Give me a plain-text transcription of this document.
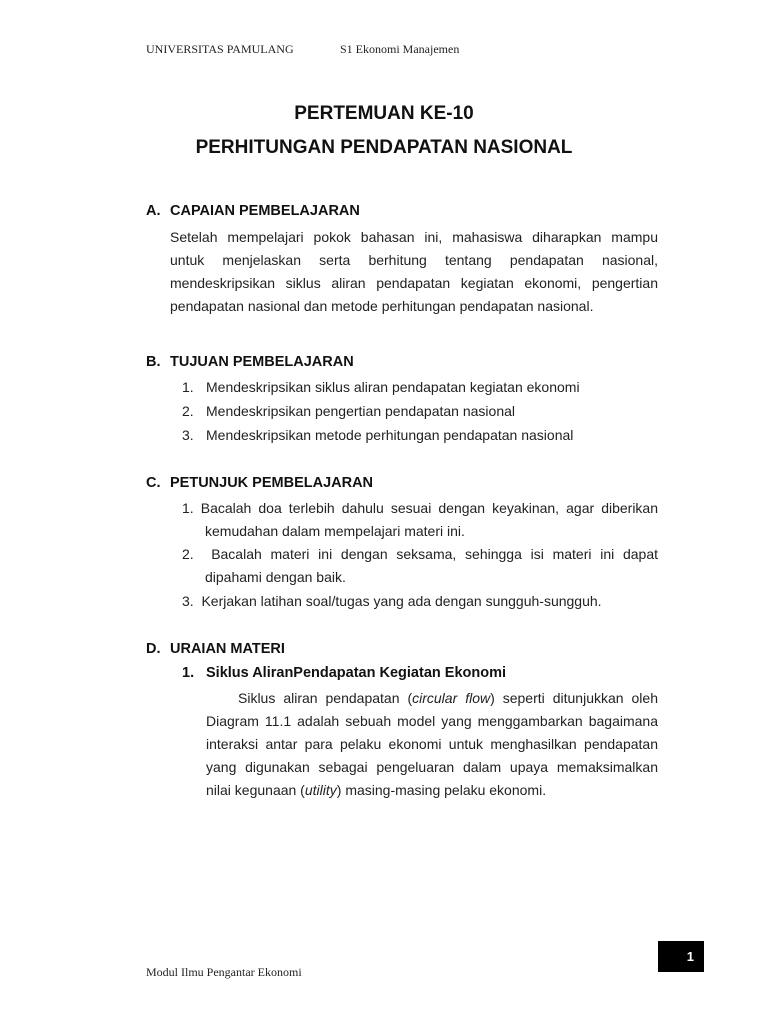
UNIVERSITAS PAMULANG	S1 Ekonomi Manajemen
PERTEMUAN KE-10
PERHITUNGAN PENDAPATAN NASIONAL
A. CAPAIAN PEMBELAJARAN
Setelah mempelajari pokok bahasan ini, mahasiswa diharapkan mampu
untuk menjelaskan serta berhitung tentang pendapatan nasional,
mendeskripsikan siklus aliran pendapatan kegiatan ekonomi, pengertian
pendapatan nasional dan metode perhitungan pendapatan nasional.
B. TUJUAN PEMBELAJARAN
1. Mendeskripsikan siklus aliran pendapatan kegiatan ekonomi
2. Mendeskripsikan pengertian pendapatan nasional
3. Mendeskripsikan metode perhitungan pendapatan nasional
C. PETUNJUK PEMBELAJARAN
1. Bacalah doa terlebih dahulu sesuai dengan keyakinan, agar diberikan
kemudahan dalam mempelajari materi ini.
2. Bacalah materi ini dengan seksama, sehingga isi materi ini dapat
dipahami dengan baik.
3. Kerjakan latihan soal/tugas yang ada dengan sungguh-sungguh.
D. URAIAN MATERI
1. Siklus AliranPendapatan Kegiatan Ekonomi
Siklus aliran pendapatan (circular flow) seperti ditunjukkan oleh
Diagram 11.1 adalah sebuah model yang menggambarkan bagaimana
interaksi antar para pelaku ekonomi untuk menghasilkan pendapatan
yang digunakan sebagai pengeluaran dalam upaya memaksimalkan
nilai kegunaan (utility) masing-masing pelaku ekonomi.
1
Modul Ilmu Pengantar Ekonomi
